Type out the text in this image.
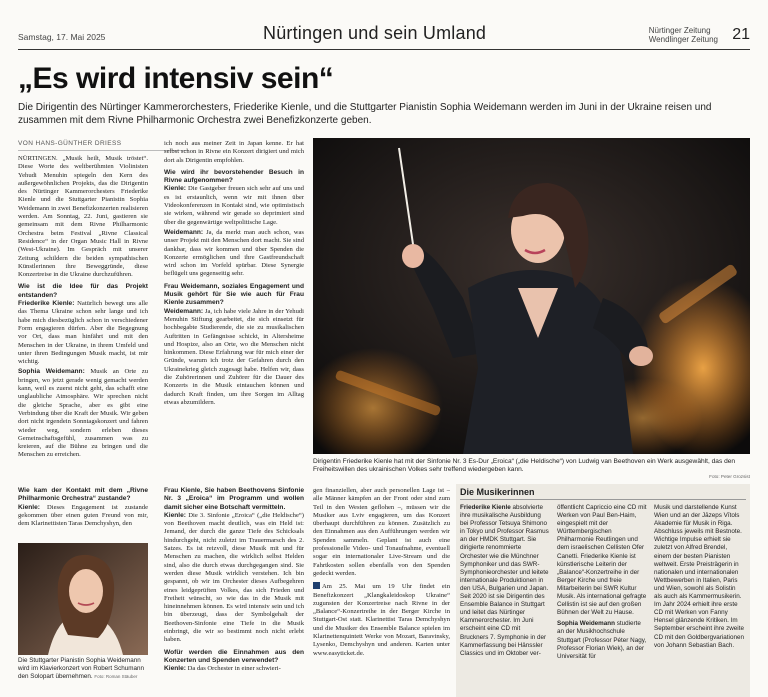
Samstag, 17. Mai 2025	Nürtingen und sein Umland	Nürtinger Zeitung
Wendlinger Zeitung 21
„Es wird intensiv sein“

Die Dirigentin des Nürtinger Kammerorchesters, Friederike Kienle, und die Stuttgarter Pianistin Sophia Weidemann werden im Juni in der Ukraine reisen und zusammen mit dem Rivne Philharmonic Orchestra zwei Benefizkonzerte geben.

VON HANS-GÜNTHER DRIESS

NÜRTINGEN. „Musik heilt, Musik tröstet“. Diese Worte des weltberühmten Violinisten Yehudi Menuhin spiegeln den Kern des außergewöhnlichen Projekts, das die Dirigentin des Nürtinger Kammerorchesters Friederike Kienle und die Stuttgarter Pianistin Sophia Weidemann in zwei Benefizkonzerten realisieren werden. Am Sonntag, 22. Juni, gastieren sie gemeinsam mit dem Rivne Philharmonic Orchestra beim Festival „Rivne Classical Residence“ in der Organ Music Hall in Rivne (West-Ukraine). Im Gespräch mit unserer Zeitung schildern die beiden sympathischen Künstlerinnen ihre Beweggründe, diese Konzertreise in die Ukraine durchzuführen.

Wie ist die Idee für das Projekt entstanden?

Friederike Kienle: Natürlich bewegt uns alle das Thema Ukraine schon sehr lange und ich habe mich diesbezüglich schon in verschiedener Form engagieren dürfen. Aber die Begegnung vor Ort, dass man hinfährt und mit den Menschen in der Ukraine, in ihrem Umfeld und unter ihren Bedingungen Musik macht, ist mir wichtig.

Sophia Weidemann: Musik an Orte zu bringen, wo jetzt gerade wenig gemacht werden kann, weil es zuerst nicht geht, das schafft eine unglaubliche Atmosphäre. Wir sprechen nicht die gleiche Sprache, aber es gibt eine Verbindung über die Kraft der Musik. Wir geben dort nicht irgendein Sonntagskonzert und fahren wieder weg, sondern erleben dieses Gemeinschaftsgefühl, zusammen was zu kreieren, auf die Bühne zu bringen und die Menschen zu erreichen.

ich noch aus meiner Zeit in Japan kenne. Er hat selbst schon in Rivne ein Konzert dirigiert und mich dort als Dirigentin empfohlen.

Wie wird ihr bevorstehender Besuch in Rivne aufgenommen?

Kienle: Die Gastgeber freuen sich sehr auf uns und es ist erstaunlich, wenn wir mit ihnen über Videokonferenzen in Kontakt sind, wie optimistisch sie wirken, während wir gerade so deprimiert sind über die gegenwärtige weltpolitische Lage.

Weidemann: Ja, da merkt man auch schon, was unser Projekt mit den Menschen dort macht. Sie sind dankbar, dass wir kommen und über Spenden die Konzerte ermöglichen und ihre Gastfreundschaft wird schon im Vorfeld spürbar. Diese Synergie beflügelt uns gegenseitig sehr.

Frau Weidemann, soziales Engagement und Musik gehört für Sie wie auch für Frau Kienle zusammen?

Weidemann: Ja, ich habe viele Jahre in der Yehudi Menuhin Stiftung gearbeitet, die sich einsetzt für hochbegabte Studierende, die sie zu musikalischen Auftritten in Gefängnisse schickt, in Altersheime und Hospize, also an Orte, wo die Menschen nicht hinkommen. Diese Erfahrung war für mich einer der Gründe, warum ich trotz der Gefahren durch den Ukrainekrieg gleich zugesagt habe. Helfen wir, dass die Zuhörerinnen und Zuhörer für die Dauer des Konzerts in die Musik eintauchen können und dadurch Kraft finden, um ihre Sorgen im Alltag etwas abzumildern.

Dirigentin Friederike Kienle hat mit der Sinfonie Nr. 3 Es-Dur „Eroica“ („die Heldische“) von Ludwig van Beethoven ein Werk ausgewählt, das den Freiheitswillen des ukrainischen Volkes sehr treffend wiedergeben kann.
Foto: Peter Grozsist
Wie kam der Kontakt mit dem „Rivne Philharmonic Orchestra“ zustande?

Kienle: Dieses Engagement ist zustande gekommen über einen guten Freund von mir, dem Klarinettisten Taras Demchyshyn, den

Die Stuttgarter Pianistin Sophia Weidemann wird im Klavierkonzert von Robert Schumann den Solopart übernehmen. Foto: Roman Stäuber
Frau Kienle, Sie haben Beethovens Sinfonie Nr. 3 „Eroica“ im Programm und wollen damit sicher eine Botschaft vermitteln.

Kienle: Die 3. Sinfonie „Eroica“ („die Heldische“) von Beethoven macht deutlich, was ein Held ist: Jemand, der durch die ganze Tiefe des Schicksals hindurchgeht, nicht zuletzt im Trauermarsch des 2. Satzes. Es ist reizvoll, diese Musik mit und für Menschen zu machen, die wirklich selbst Helden sind, also die durch etwas durchgegangen sind. Sie werden diese Musik wirklich verstehen. Ich bin gespannt, ob wir im Orchester dieses Aufbegehren eines leidgeprüften Volkes, das sich Frieden und Freiheit wünscht, so wie das in die Musik mit hineinnehmen können. Es wird intensiv sein und ich bin überzeugt, dass der Symbolgehalt der Beethoven-Sinfonie eine Tiefe in die Musik einbringt, die wir so bestimmt noch nicht erlebt haben.

Wofür werden die Einnahmen aus den Konzerten und Spenden verwendet?

Kienle: Da das Orchester in einer schwieri-

gen finanziellen, aber auch personellen Lage ist – alle Männer kämpfen an der Front oder sind zum Teil in den Westen geflohen –, müssen wir die Musiker aus Lviv engagieren, um das Konzert überhaupt durchführen zu können. Zusätzlich zu den Einnahmen aus den Aufführungen werden wir Spenden sammeln. Geplant ist auch eine professionelle Video- und Tonaufnahme, eventuell sogar ein internationaler Live-Stream und die Fahrtkosten sollen ebenfalls von den Spenden gedeckt werden.

Am 25. Mai um 19 Uhr findet ein Benefizkonzert „Klangkaleidoskop Ukraine“ zugunsten der Konzertreise nach Rivne in der „Balance“-Konzertreihe in der Berger Kirche in Stuttgart-Ost statt. Klarinettist Taras Demchyshyn und die Musiker des Ensemble Balance spielen im Klarinettenquintett Werke von Mozart, Baravinsky, Lysenko, Demchyshyn und anderen. Karten unter www.easyticket.de.

Die Musikerinnen
Friederike Kienle absolvierte ihre musikalische Ausbildung bei Professor Tetsuya Shimono in Tokyo und Professor Rasmus an der HMDK Stuttgart. Sie dirigierte renommierte Orchester wie die Münchner Symphoniker und das SWR-Symphonieorchester und leitete internationale Produktionen in den USA, Bulgarien und Japan. Seit 2020 ist sie Dirigentin des Ensemble Balance in Stuttgart und leitet das Nürtinger Kammerorchester. Im Juni erscheint eine CD mit Bruckners 7. Symphonie in der Kammerfassung bei Hänssler Classics und im Oktober ver-
öffentlicht Capriccio eine CD mit Werken von Paul Ben-Haim, eingespielt mit der Württembergischen Philharmonie Reutlingen und dem israelischen Cellisten Ofer Canetti. Friederike Kienle ist künstlerische Leiterin der „Balance“-Konzertreihe in der Berger Kirche und freie Mitarbeiterin bei SWR Kultur Musik. Als international gefragte Cellistin ist sie auf den großen Bühnen der Welt zu Hause.
Sophia Weidemann studierte an der Musikhochschule Stuttgart (Professor Péter Nagy, Professor Florian Wiek), an der Universität für
Musik und darstellende Kunst Wien und an der Jāzeps Vītols Akademie für Musik in Riga. Abschluss jeweils mit Bestnote. Wichtige Impulse erhielt sie zuletzt von Alfred Brendel, einem der besten Pianisten weltweit. Erste Preisträgerin in nationalen und internationalen Wettbewerben in Italien, Paris und Wien, sowohl als Solistin als auch als Kammermusikerin. Im Jahr 2024 erhielt ihre erste CD mit Werken von Fanny Hensel glänzende Kritiken. Im September erscheint ihre zweite CD mit den Goldbergvariationen von Johann Sebastian Bach.
